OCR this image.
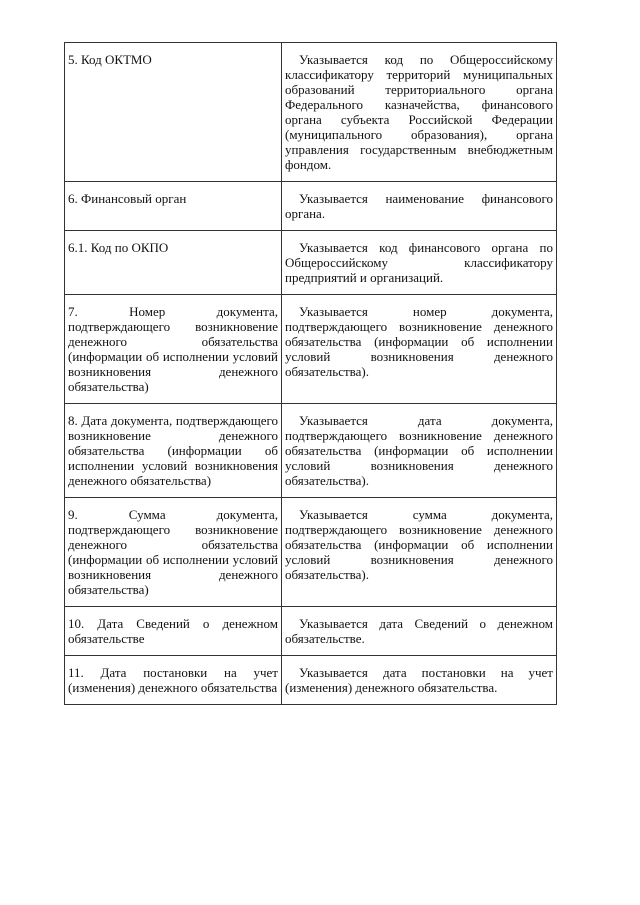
5. Код ОКТМО	Указывается код по Общероссийскому классификатору территорий муниципальных образований территориального органа Федерального казначейства, финансового органа субъекта Российской Федерации (муниципального образования), органа управления государственным внебюджетным фондом.
6. Финансовый орган	Указывается наименование финансового органа.
6.1. Код по ОКПО	Указывается код финансового органа по Общероссийскому классификатору предприятий и организаций.
7. Номер документа, подтверждающего возникновение денежного обязательства (информации об исполнении условий возникновения денежного обязательства)	Указывается номер документа, подтверждающего возникновение денежного обязательства (информации об исполнении условий возникновения денежного обязательства).
8. Дата документа, подтверждающего возникновение денежного обязательства (информации об исполнении условий возникновения денежного обязательства)	Указывается дата документа, подтверждающего возникновение денежного обязательства (информации об исполнении условий возникновения денежного обязательства).
9. Сумма документа, подтверждающего возникновение денежного обязательства (информации об исполнении условий возникновения денежного обязательства)	Указывается сумма документа, подтверждающего возникновение денежного обязательства (информации об исполнении условий возникновения денежного обязательства).
10. Дата Сведений о денежном обязательстве	Указывается дата Сведений о денежном обязательстве.
11. Дата постановки на учет (изменения) денежного обязательства	Указывается дата постановки на учет (изменения) денежного обязательства.
